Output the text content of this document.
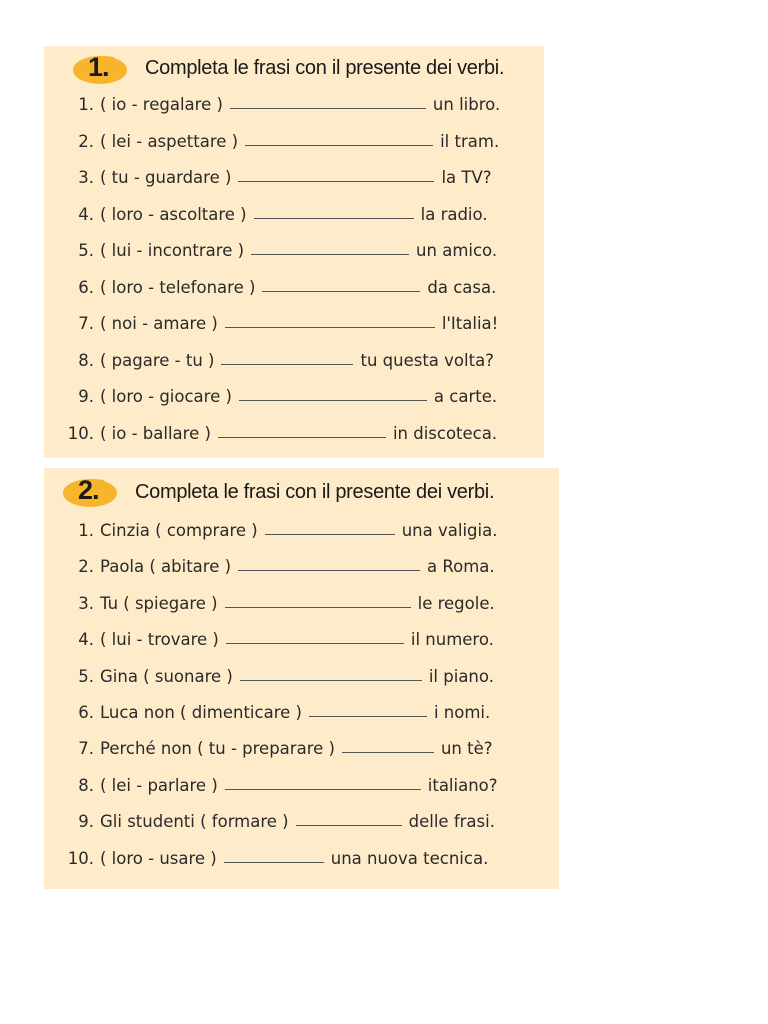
1. Completa le frasi con il presente dei verbi.
1. ( io - regalare )	un libro.
2. ( lei - aspettare )	il tram.
3. ( tu - guardare )	la TV?
4. ( loro - ascoltare )	la radio.
5. ( lui - incontrare )	un amico.
6. ( loro - telefonare )	da casa.
7. ( noi - amare )	l'Italia!
8. ( pagare - tu )	tu questa volta?
9. ( loro - giocare )	a carte.
10. ( io - ballare )	in discoteca.
2. Completa le frasi con il presente dei verbi.
1. Cinzia ( comprare )	una valigia.
2. Paola ( abitare )	a Roma.
3. Tu ( spiegare )	le regole.
4. ( lui - trovare )	il numero.
5. Gina ( suonare )	il piano.
6. Luca non ( dimenticare )	i nomi.
7. Perché non ( tu - preparare )	un tè?
8. ( lei - parlare )	italiano?
9. Gli studenti ( formare )	delle frasi.
10. ( loro - usare )	una nuova tecnica.
